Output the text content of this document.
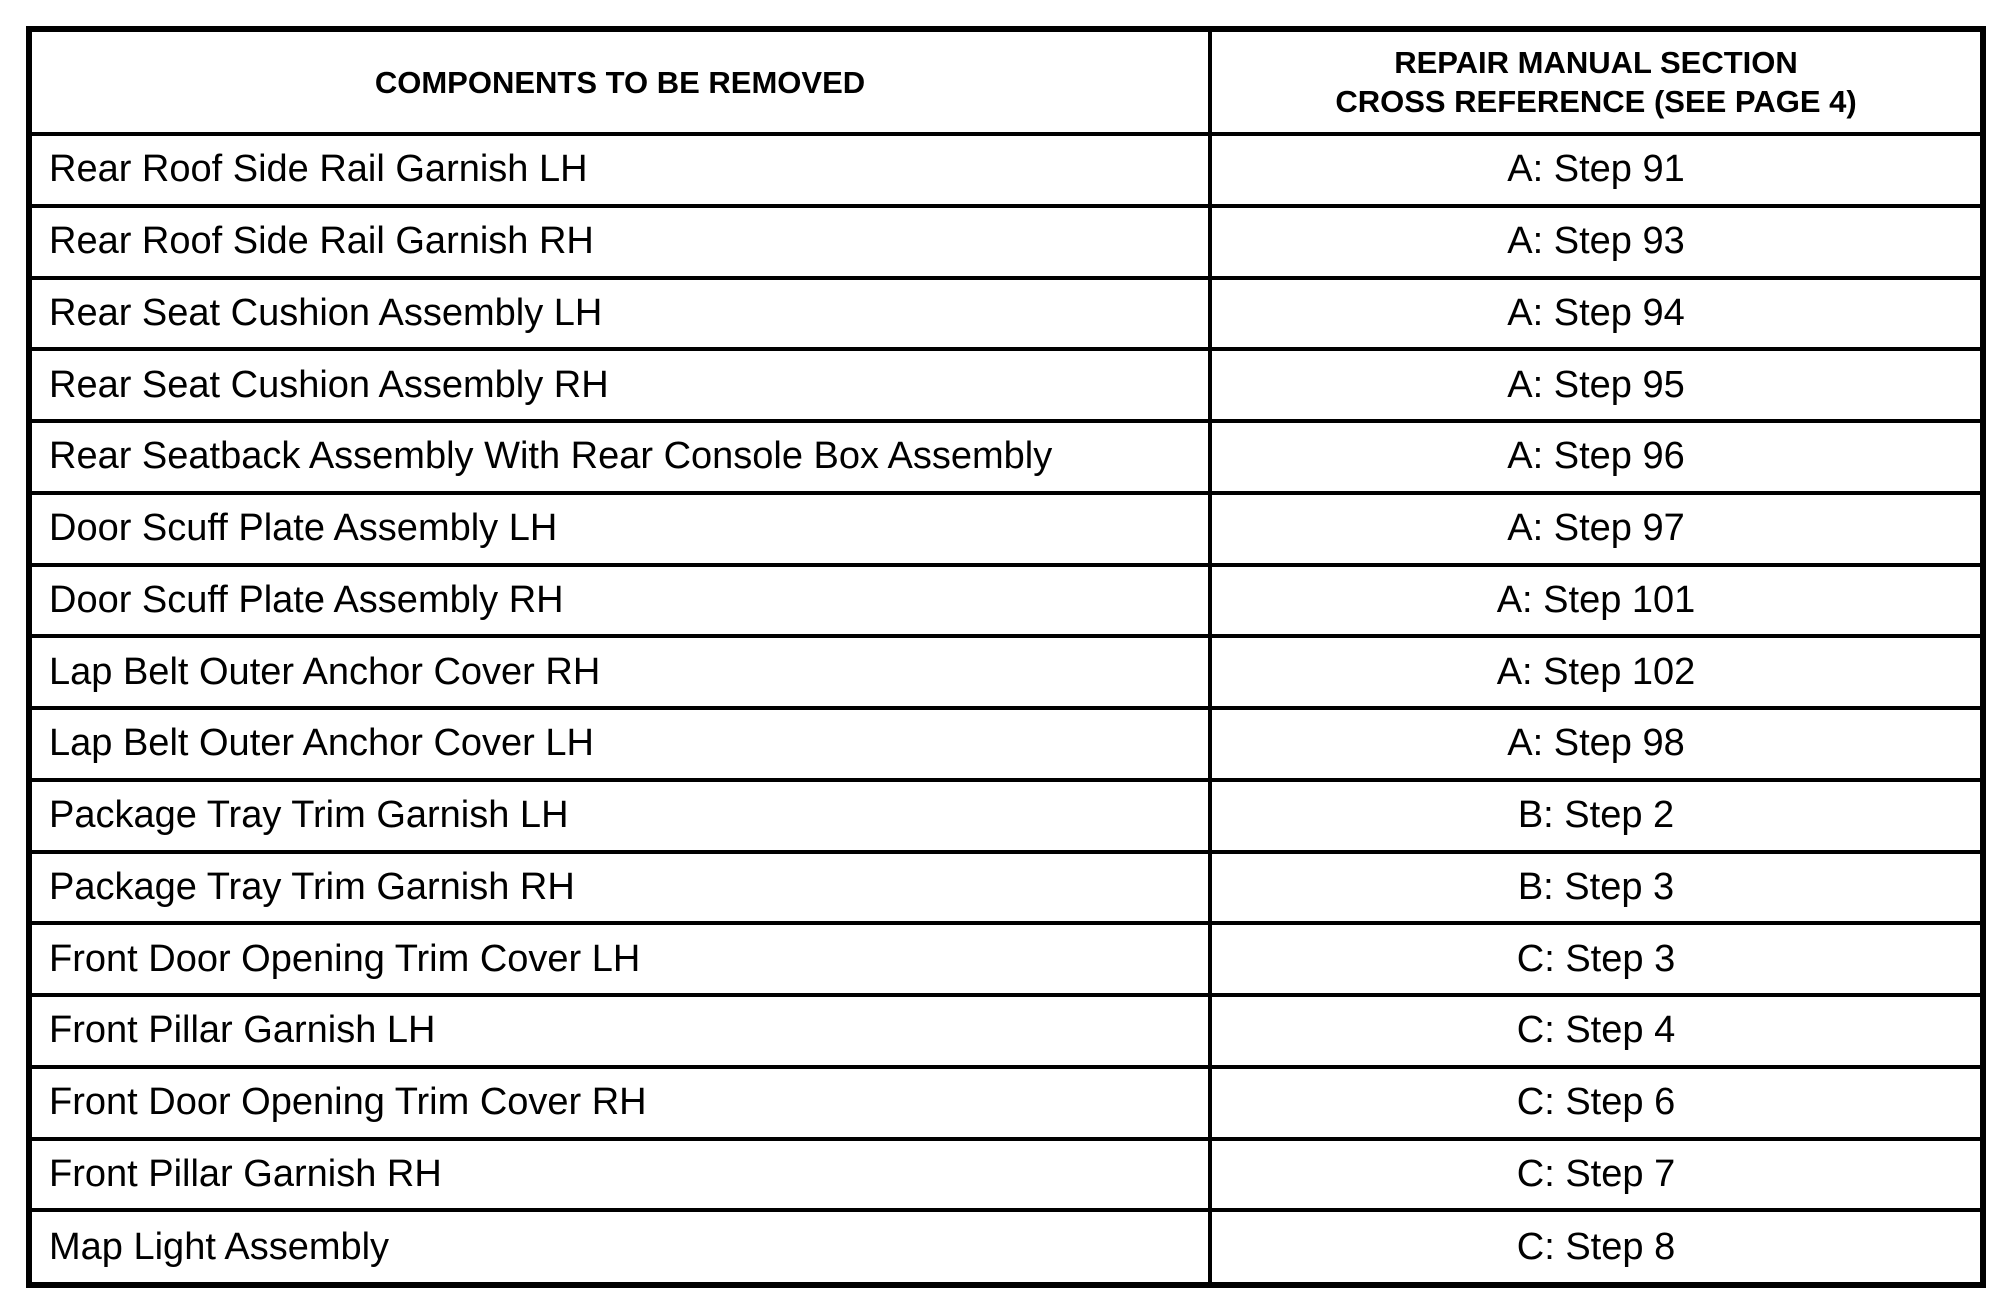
COMPONENTS TO BE REMOVED	REPAIR MANUAL SECTION
CROSS REFERENCE (SEE PAGE 4)

Rear Roof Side Rail Garnish LH	A: Step 91
Rear Roof Side Rail Garnish RH	A: Step 93
Rear Seat Cushion Assembly LH	A: Step 94
Rear Seat Cushion Assembly RH	A: Step 95
Rear Seatback Assembly With Rear Console Box Assembly	A: Step 96
Door Scuff Plate Assembly LH	A: Step 97
Door Scuff Plate Assembly RH	A: Step 101
Lap Belt Outer Anchor Cover RH	A: Step 102
Lap Belt Outer Anchor Cover LH	A: Step 98
Package Tray Trim Garnish LH	B: Step 2
Package Tray Trim Garnish RH	B: Step 3
Front Door Opening Trim Cover LH	C: Step 3
Front Pillar Garnish LH	C: Step 4
Front Door Opening Trim Cover RH	C: Step 6
Front Pillar Garnish RH	C: Step 7
Map Light Assembly	C: Step 8
